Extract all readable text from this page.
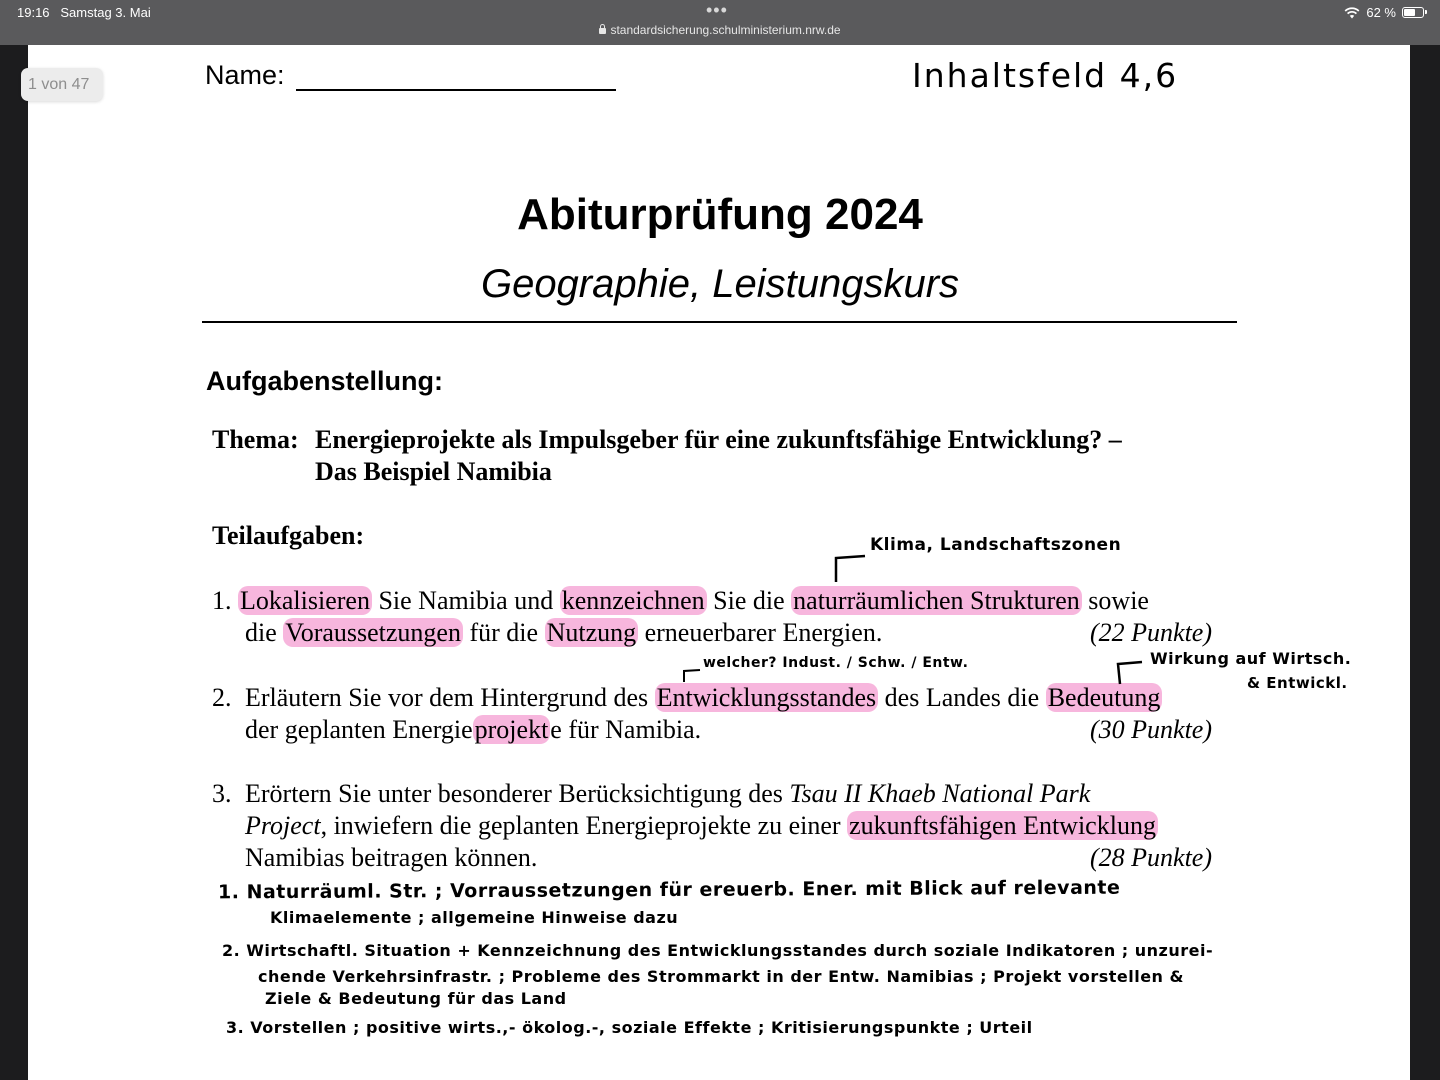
19:16 Samstag 3. Mai	•••
standardsicherung.schulministerium.nrw.de
62 %
1 von 47	Name:	Inhaltsfeld 4,6
Abiturprüfung 2024
Geographie, Leistungskurs
Aufgabenstellung:
Thema: Energieprojekte als Impulsgeber für eine zukunftsfähige Entwicklung? –
Das Beispiel Namibia
Teilaufgaben:
1. Lokalisieren Sie Namibia und kennzeichnen Sie die naturräumlichen Strukturen sowie
die Voraussetzungen für die Nutzung erneuerbarer Energien.	(22 Punkte)
2. Erläutern Sie vor dem Hintergrund des Entwicklungsstandes des Landes die Bedeutung
der geplanten Energieprojekte für Namibia.	(30 Punkte)
3. Erörtern Sie unter besonderer Berücksichtigung des Tsau II Khaeb National Park
Project, inwiefern die geplanten Energieprojekte zu einer zukunftsfähigen Entwicklung
Namibias beitragen können.	(28 Punkte)
Klima, Landschaftszonen
welcher? Indust. / Schw. / Entw.	Wirkung auf Wirtsch.
& Entwickl.
1. Naturräuml. Str. ; Vorraussetzungen für ereuerb. Ener. mit Blick auf relevante
Klimaelemente ; allgemeine Hinweise dazu
2. Wirtschaftl. Situation + Kennzeichnung des Entwicklungsstandes durch soziale Indikatoren ; unzurei-
chende Verkehrsinfrastr. ; Probleme des Strommarkt in der Entw. Namibias ; Projekt vorstellen &
Ziele & Bedeutung für das Land
3. Vorstellen ; positive wirts.,- ökolog.-, soziale Effekte ; Kritisierungspunkte ; Urteil
